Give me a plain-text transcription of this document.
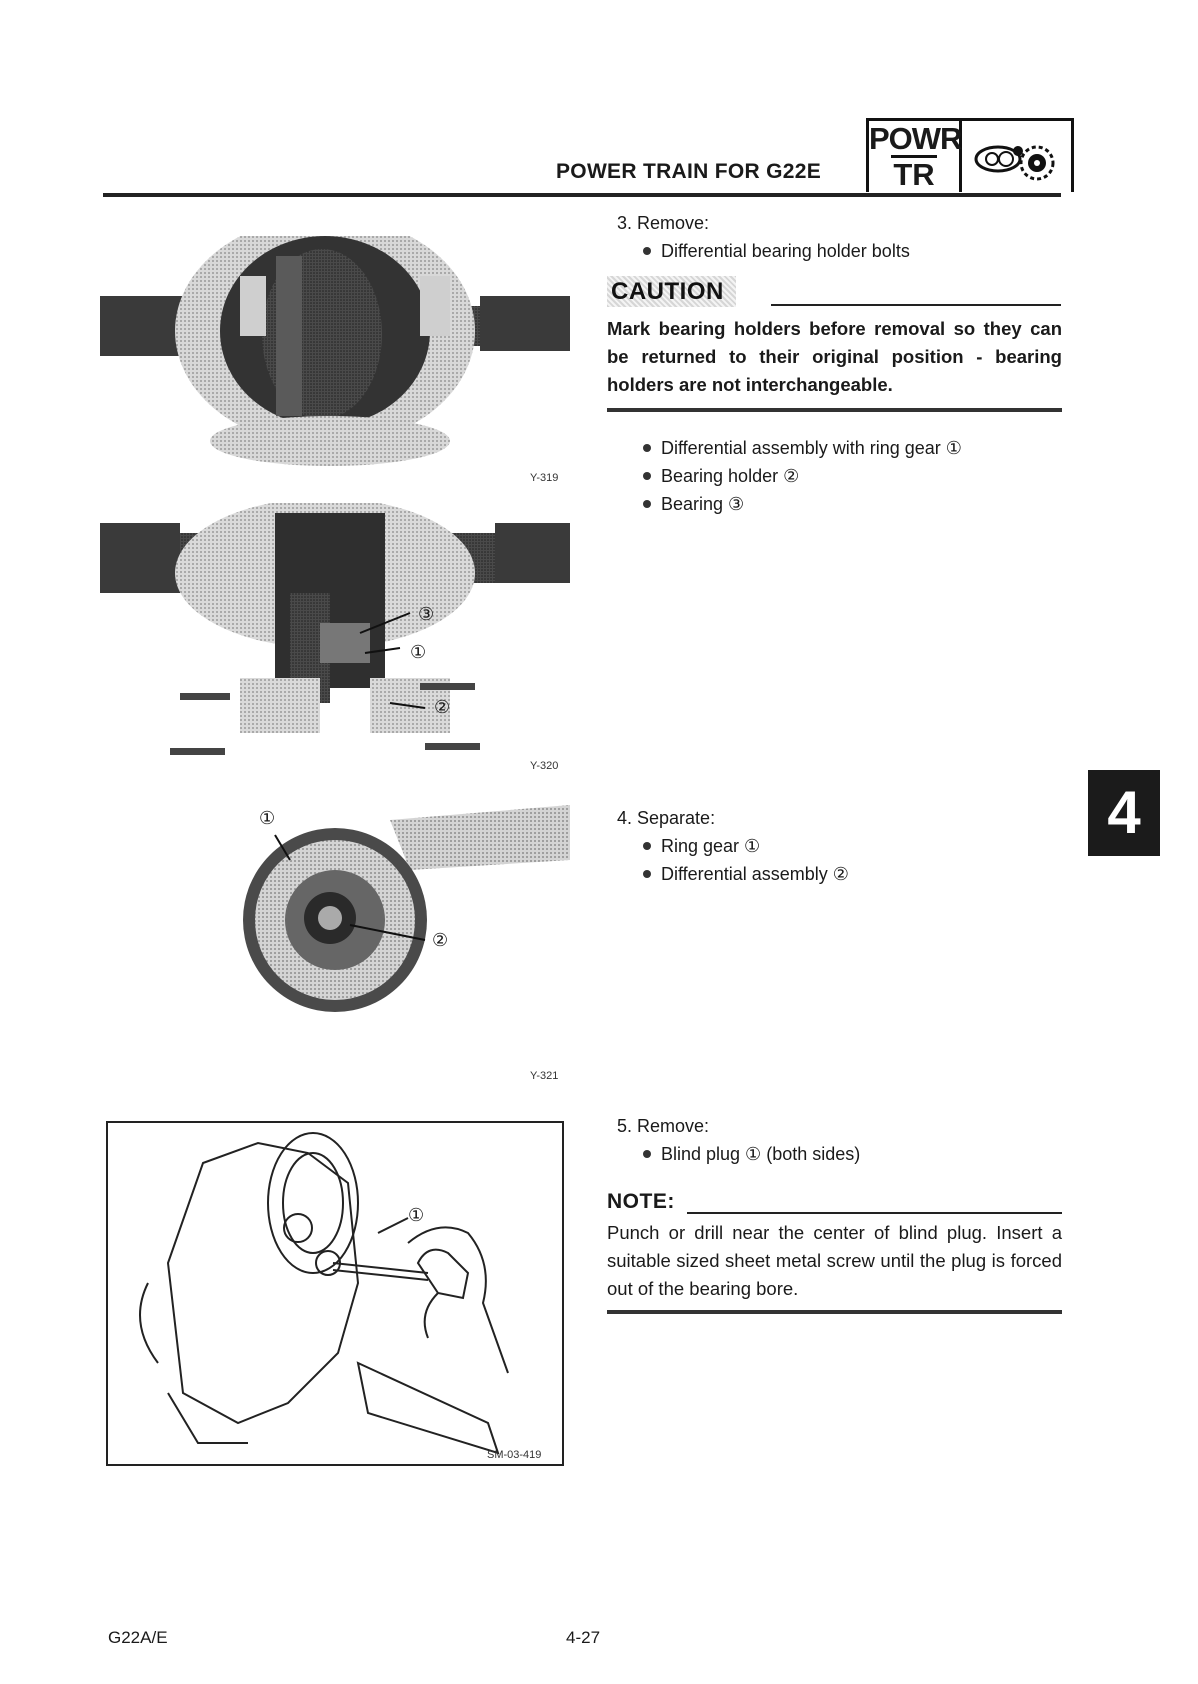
POWER TRAIN FOR G22E
POWR
TR
Y-319
③
①
②
Y-320
①
②
Y-321
①
SM-03-419
3. Remove:
Differential bearing holder bolts
CAUTION
Mark bearing holders before removal so they can be returned to their original position - bearing holders are not interchangeable.
Differential assembly with ring gear ①
Bearing holder ②
Bearing ③
4. Separate:
Ring gear ①
Differential assembly ②
5. Remove:
Blind plug ① (both sides)
NOTE:
Punch or drill near the center of blind plug. Insert a suitable sized sheet metal screw until the plug is forced out of the bearing bore.
4
G22A/E	4-27
